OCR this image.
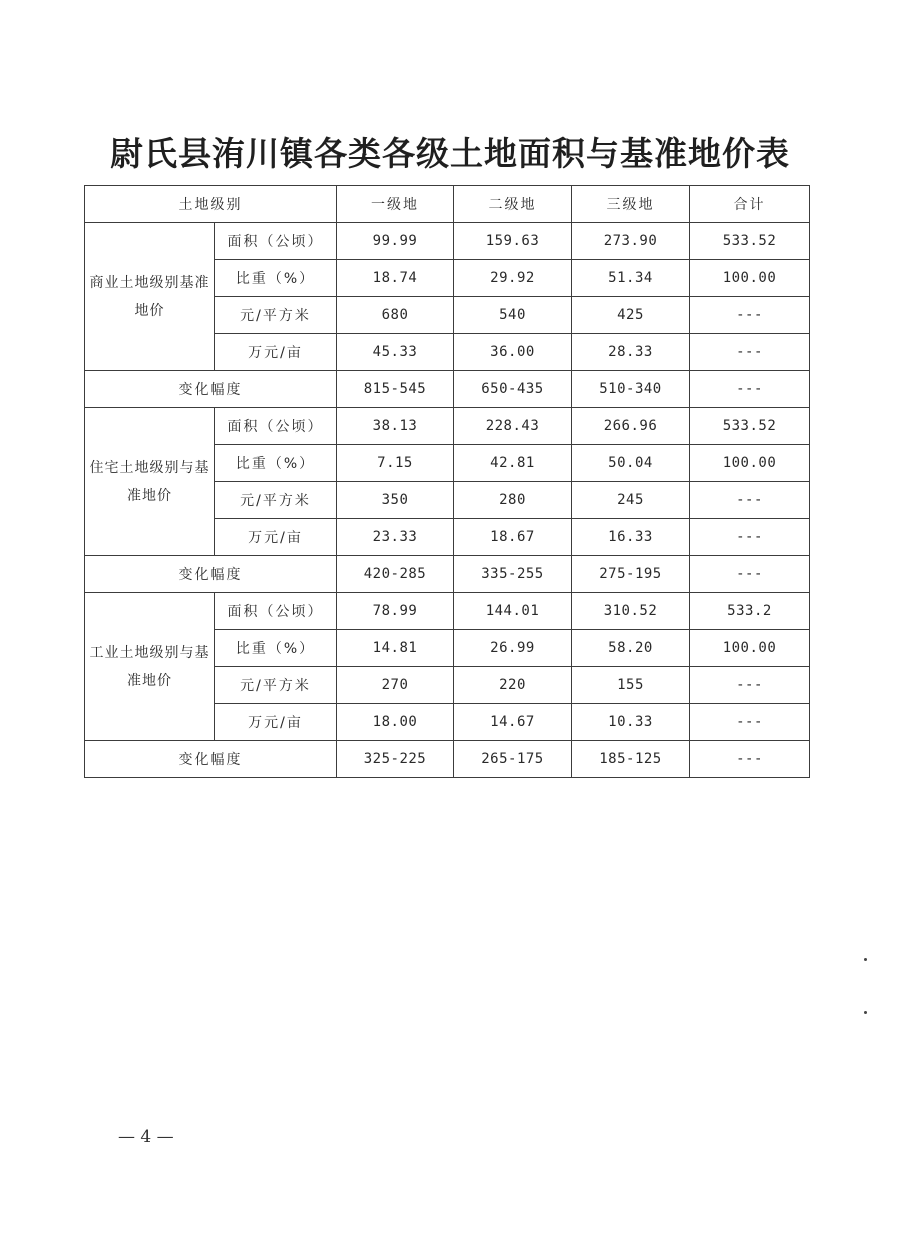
尉氏县洧川镇各类各级土地面积与基准地价表
土地级别		一级地	二级地	三级地	合计
商业土地级别基准地价	面积（公顷）	99.99	159.63	273.90	533.52
	比重（%）	18.74	29.92	51.34	100.00
	元/平方米	680	540	425	---
	万元/亩	45.33	36.00	28.33	---
变化幅度		815-545	650-435	510-340	---
住宅土地级别与基准地价	面积（公顷）	38.13	228.43	266.96	533.52
	比重（%）	7.15	42.81	50.04	100.00
	元/平方米	350	280	245	---
	万元/亩	23.33	18.67	16.33	---
变化幅度		420-285	335-255	275-195	---
工业土地级别与基准地价	面积（公顷）	78.99	144.01	310.52	533.2
	比重（%）	14.81	26.99	58.20	100.00
	元/平方米	270	220	155	---
	万元/亩	18.00	14.67	10.33	---
变化幅度		325-225	265-175	185-125	---
— 4 —
